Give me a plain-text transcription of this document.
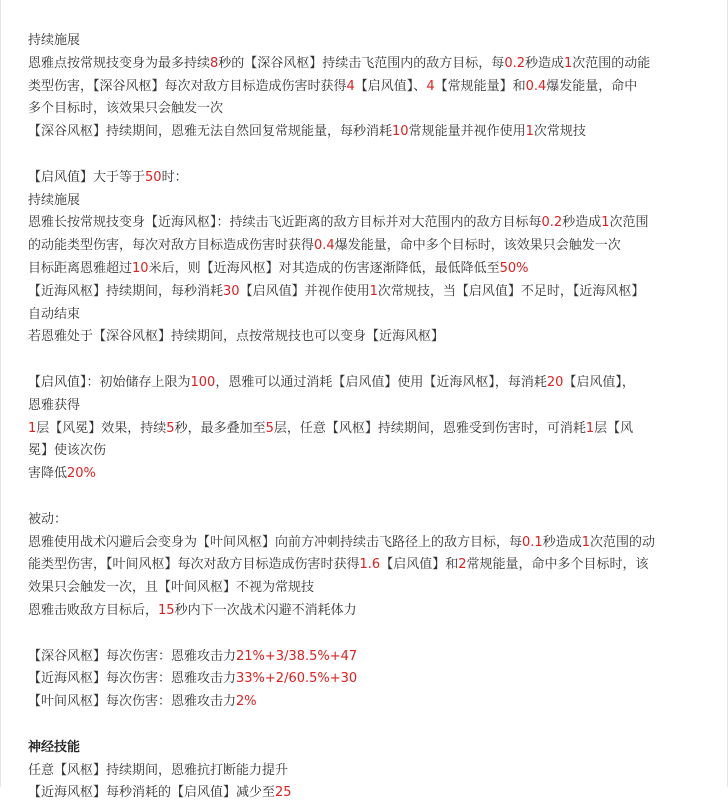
持续施展
恩雅点按常规技变身为最多持续8秒的【深谷风枢】持续击飞范围内的敌方目标，每0.2秒造成1次范围的动能
类型伤害，【深谷风枢】每次对敌方目标造成伤害时获得4【启风值】、4【常规能量】和0.4爆发能量，命中
多个目标时，该效果只会触发一次
【深谷风枢】持续期间，恩雅无法自然回复常规能量，每秒消耗10常规能量并视作使用1次常规技
【启风值】大于等于50时：
持续施展
恩雅长按常规技变身【近海风枢】：持续击飞近距离的敌方目标并对大范围内的敌方目标每0.2秒造成1次范围
的动能类型伤害，每次对敌方目标造成伤害时获得0.4爆发能量，命中多个目标时，该效果只会触发一次
目标距离恩雅超过10米后，则【近海风枢】对其造成的伤害逐渐降低，最低降低至50%
【近海风枢】持续期间，每秒消耗30【启风值】并视作使用1次常规技，当【启风值】不足时，【近海风枢】
自动结束
若恩雅处于【深谷风枢】持续期间，点按常规技也可以变身【近海风枢】
【启风值】：初始储存上限为100，恩雅可以通过消耗【启风值】使用【近海风枢】，每消耗20【启风值】，
恩雅获得
1层【风冕】效果，持续5秒，最多叠加至5层，任意【风枢】持续期间，恩雅受到伤害时，可消耗1层【风
冕】使该次伤
害降低20%
被动：
恩雅使用战术闪避后会变身为【叶间风枢】向前方冲刺持续击飞路径上的敌方目标，每0.1秒造成1次范围的动
能类型伤害，【叶间风枢】每次对敌方目标造成伤害时获得1.6【启风值】和2常规能量，命中多个目标时，该
效果只会触发一次，且【叶间风枢】不视为常规技
恩雅击败敌方目标后，15秒内下一次战术闪避不消耗体力
【深谷风枢】每次伤害：恩雅攻击力21%+3/38.5%+47
【近海风枢】每次伤害：恩雅攻击力33%+2/60.5%+30
【叶间风枢】每次伤害：恩雅攻击力2%
神经技能
任意【风枢】持续期间，恩雅抗打断能力提升
【近海风枢】每秒消耗的【启风值】减少至25
